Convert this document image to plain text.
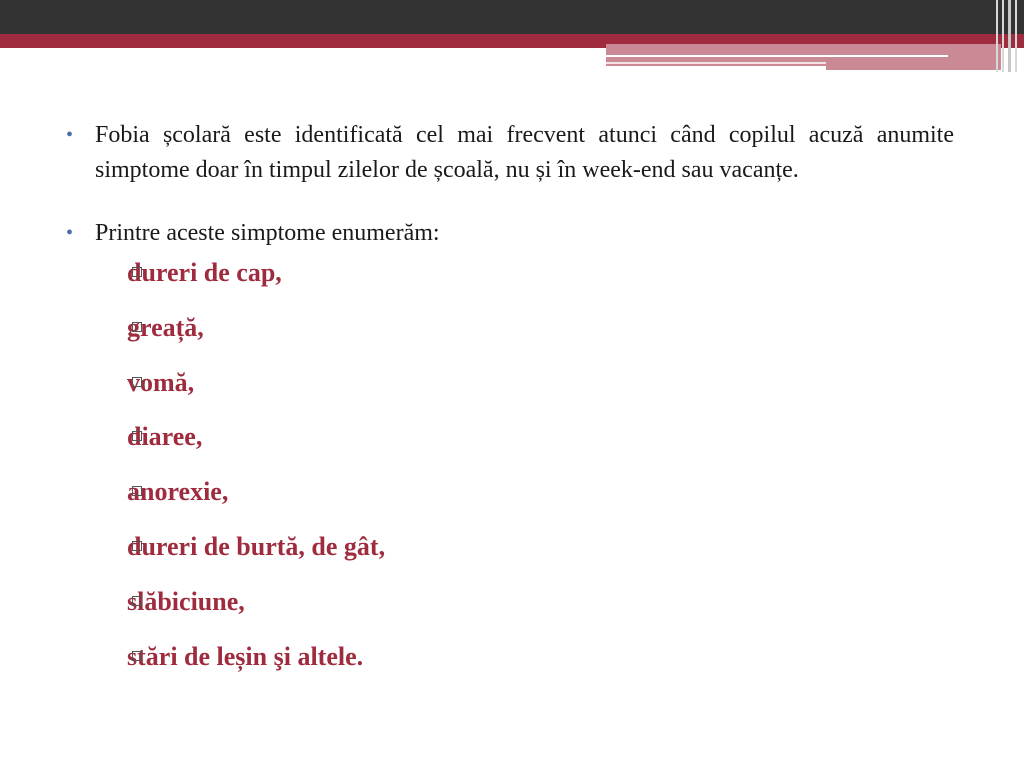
• Fobia școlară este identificată cel mai frecvent atunci când copilul acuză anumite simptome doar în timpul zilelor de școală, nu și în week-end sau vacanțe.

• Printre aceste simptome enumerăm:

dureri de cap,
greață,
vomă,
diaree,
anorexie,
dureri de burtă, de gât,
slăbiciune,
stări de leșin şi altele.
